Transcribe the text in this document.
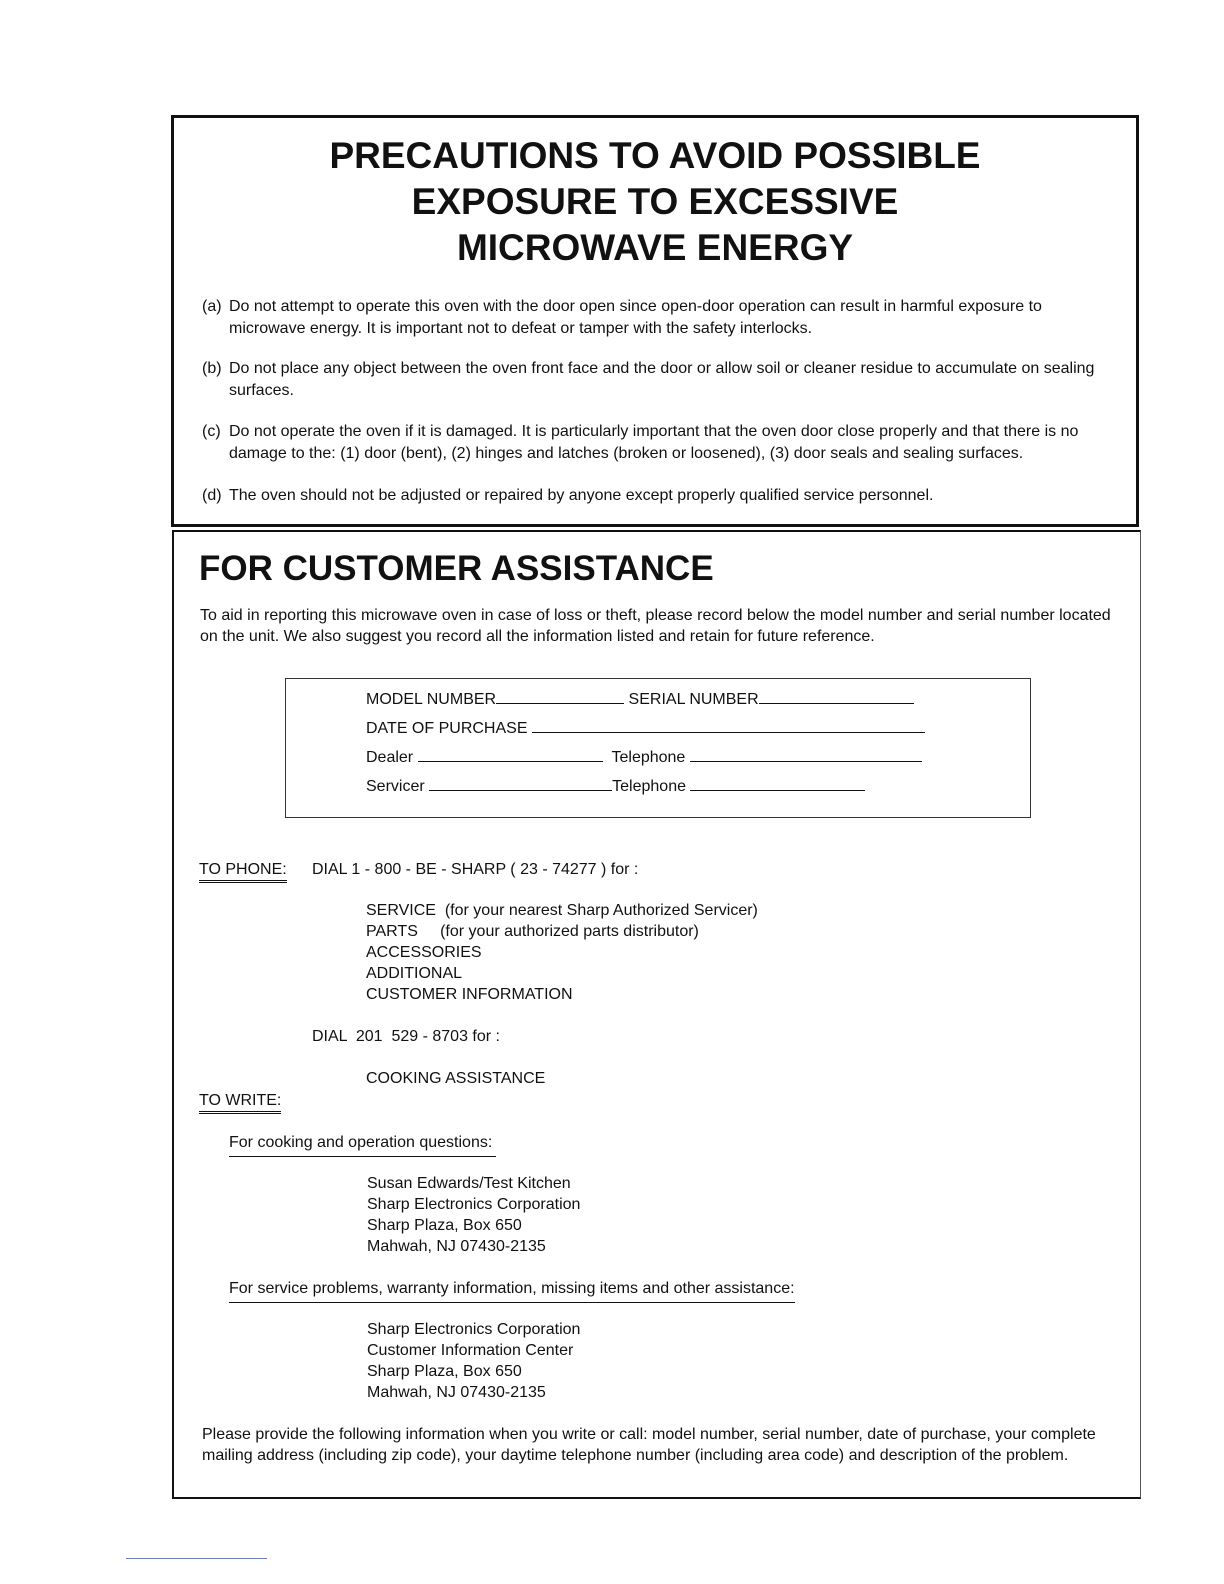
PRECAUTIONS TO AVOID POSSIBLE
EXPOSURE TO EXCESSIVE
MICROWAVE ENERGY
(a) Do not attempt to operate this oven with the door open since open-door operation can result in harmful exposure to microwave energy. It is important not to defeat or tamper with the safety interlocks.
(b) Do not place any object between the oven front face and the door or allow soil or cleaner residue to accumulate on sealing surfaces.
(c) Do not operate the oven if it is damaged. It is particularly important that the oven door close properly and that there is no damage to the: (1) door (bent), (2) hinges and latches (broken or loosened), (3) door seals and sealing surfaces.
(d) The oven should not be adjusted or repaired by anyone except properly qualified service personnel.
FOR CUSTOMER ASSISTANCE
To aid in reporting this microwave oven in case of loss or theft, please record below the model number and serial number located on the unit. We also suggest you record all the information listed and retain for future reference.
MODEL NUMBER	SERIAL NUMBER
DATE OF PURCHASE
Dealer	Telephone
Servicer	Telephone
TO PHONE: DIAL 1 - 800 - BE - SHARP ( 23 - 74277 ) for :
SERVICE  (for your nearest Sharp Authorized Servicer)
PARTS     (for your authorized parts distributor)
ACCESSORIES
ADDITIONAL
CUSTOMER INFORMATION
DIAL  201  529 - 8703 for :
COOKING ASSISTANCE
TO WRITE:
For cooking and operation questions:
Susan Edwards/Test Kitchen
Sharp Electronics Corporation
Sharp Plaza, Box 650
Mahwah, NJ 07430-2135
For service problems, warranty information, missing items and other assistance:
Sharp Electronics Corporation
Customer Information Center
Sharp Plaza, Box 650
Mahwah, NJ 07430-2135
Please provide the following information when you write or call: model number, serial number, date of purchase, your complete mailing address (including zip code), your daytime telephone number (including area code) and description of the problem.
